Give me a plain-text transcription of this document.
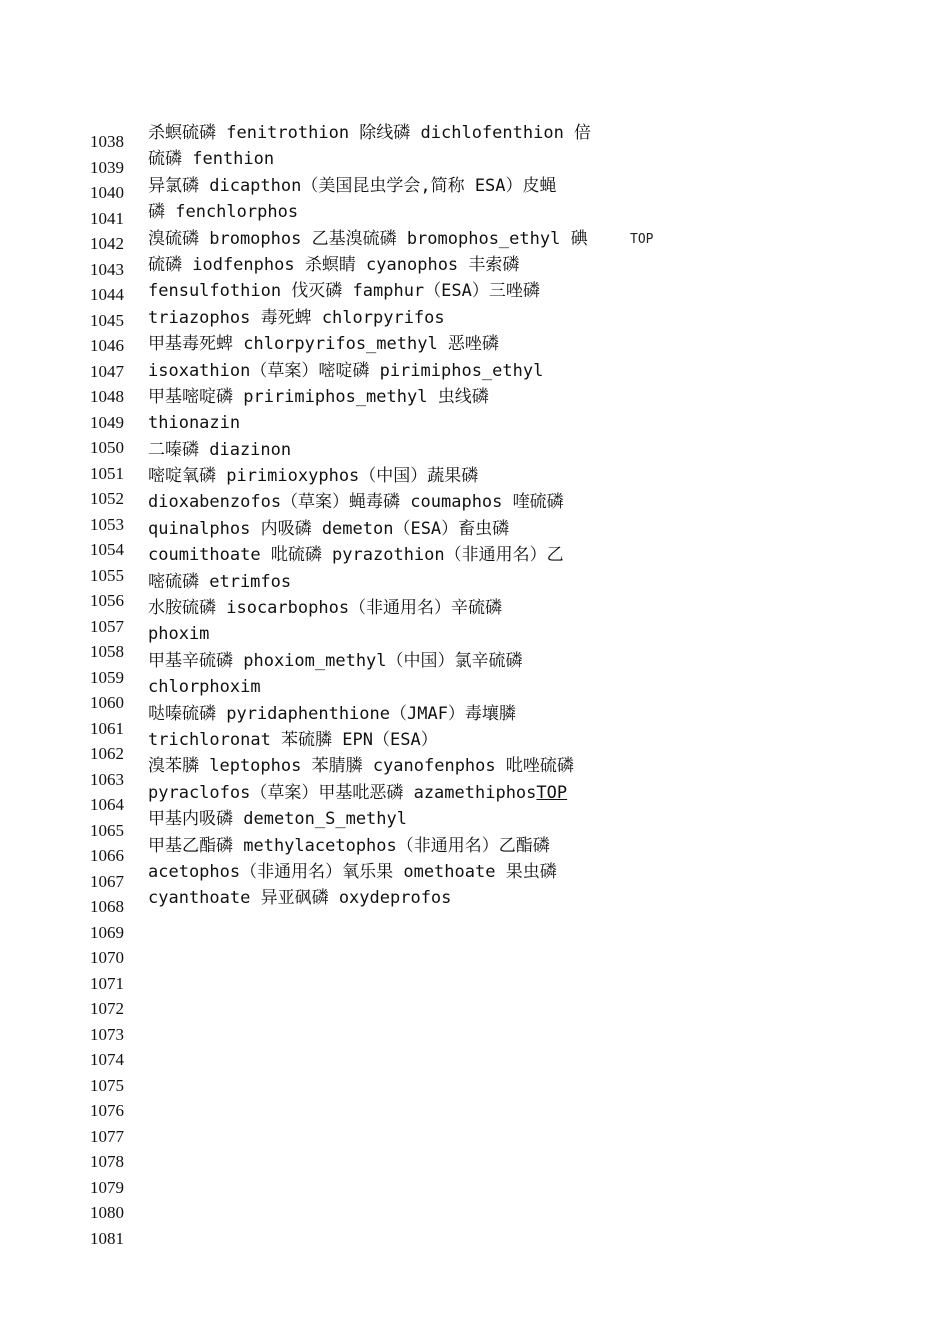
1038
1039
1040
1041
1042
1043
1044
1045
1046
1047
1048
1049
1050
1051
1052
1053
1054
1055
1056
1057
1058
1059
1060
1061
1062
1063
1064
1065
1066
1067
1068
1069
1070
1071
1072
1073
1074
1075
1076
1077
1078
1079
1080
1081
杀螟硫磷 fenitrothion 除线磷 dichlofenthion 倍
硫磷 fenthion
异氯磷 dicapthon（美国昆虫学会,简称 ESA）皮蝇
磷 fenchlorphos
溴硫磷 bromophos 乙基溴硫磷 bromophos_ethyl 碘
硫磷 iodfenphos 杀螟睛 cyanophos 丰索磷
fensulfothion 伐灭磷 famphur（ESA）三唑磷
triazophos 毒死蜱 chlorpyrifos
甲基毒死蜱 chlorpyrifos_methyl 恶唑磷
isoxathion（草案）嘧啶磷 pirimiphos_ethyl
甲基嘧啶磷 pririmiphos_methyl 虫线磷
thionazin
二嗪磷 diazinon
嘧啶氧磷 pirimioxyphos（中国）蔬果磷
dioxabenzofos（草案）蝇毒磷 coumaphos 喹硫磷
quinalphos 内吸磷 demeton（ESA）畜虫磷
coumithoate 吡硫磷 pyrazothion（非通用名）乙
嘧硫磷 etrimfos
水胺硫磷 isocarbophos（非通用名）辛硫磷
phoxim
甲基辛硫磷 phoxiom_methyl（中国）氯辛硫磷
chlorphoxim
哒嗪硫磷 pyridaphenthione（JMAF）毒壤膦
trichloronat 苯硫膦 EPN（ESA）
溴苯膦 leptophos 苯腈膦 cyanofenphos 吡唑硫磷
pyraclofos（草案）甲基吡恶磷 azamethiphosTOP
甲基内吸磷 demeton_S_methyl
甲基乙酯磷 methylacetophos（非通用名）乙酯磷
acetophos（非通用名）氧乐果 omethoate 果虫磷
cyanthoate 异亚砜磷 oxydeprofos
TOP
